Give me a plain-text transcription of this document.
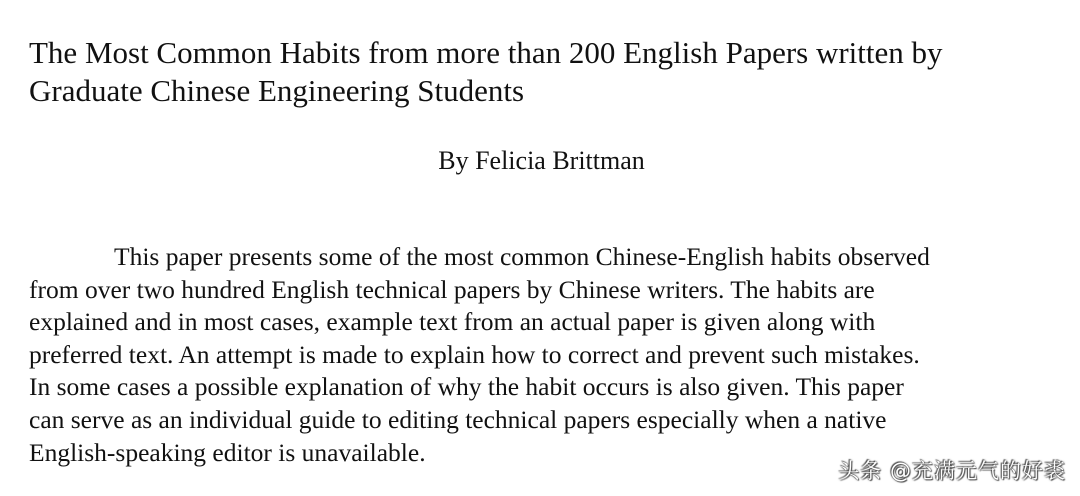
The Most Common Habits from more than 200 English Papers written by
Graduate Chinese Engineering Students
By Felicia Brittman
This paper presents some of the most common Chinese-English habits observed
from over two hundred English technical papers by Chinese writers. The habits are
explained and in most cases, example text from an actual paper is given along with
preferred text. An attempt is made to explain how to correct and prevent such mistakes.
In some cases a possible explanation of why the habit occurs is also given. This paper
can serve as an individual guide to editing technical papers especially when a native
English-speaking editor is unavailable.
头条 @充满元气的好裘
